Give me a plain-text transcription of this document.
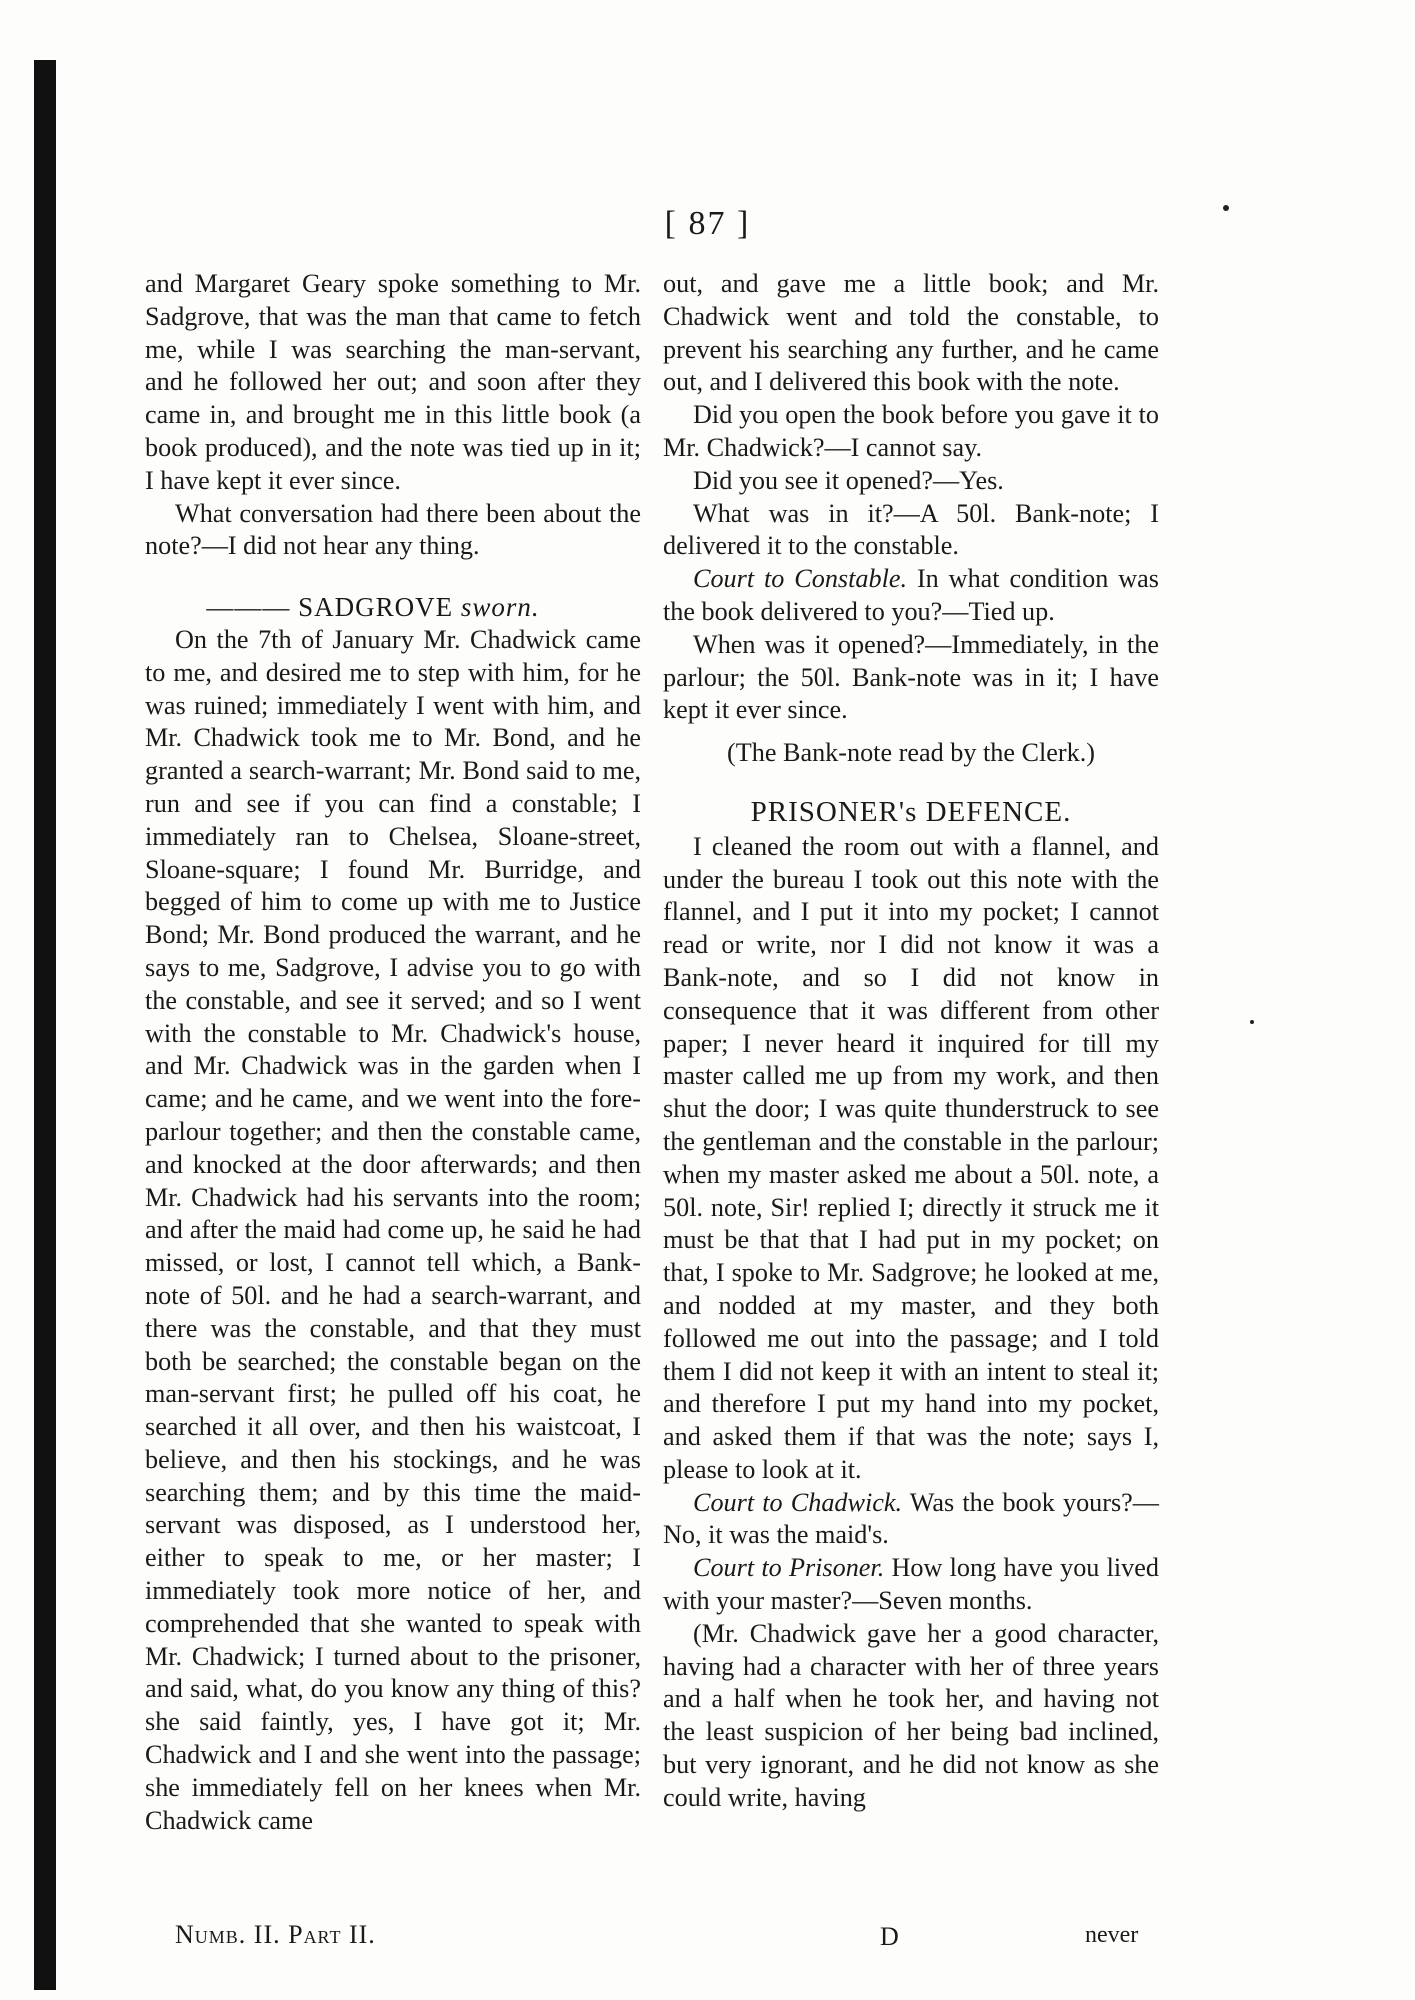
[ 87 ]

and Margaret Geary spoke something to Mr. Sadgrove, that was the man that came to fetch me, while I was searching the man-servant, and he followed her out; and soon after they came in, and brought me in this little book (a book produced), and the note was tied up in it; I have kept it ever since.

What conversation had there been about the note?—I did not hear any thing.

——— SADGROVE sworn.

On the 7th of January Mr. Chadwick came to me, and desired me to step with him, for he was ruined; immediately I went with him, and Mr. Chadwick took me to Mr. Bond, and he granted a search-warrant; Mr. Bond said to me, run and see if you can find a constable; I immediately ran to Chelsea, Sloane-street, Sloane-square; I found Mr. Burridge, and begged of him to come up with me to Justice Bond; Mr. Bond produced the warrant, and he says to me, Sadgrove, I advise you to go with the constable, and see it served; and so I went with the constable to Mr. Chadwick's house, and Mr. Chadwick was in the garden when I came; and he came, and we went into the fore-parlour together; and then the constable came, and knocked at the door afterwards; and then Mr. Chadwick had his servants into the room; and after the maid had come up, he said he had missed, or lost, I cannot tell which, a Bank-note of 50l. and he had a search-warrant, and there was the constable, and that they must both be searched; the constable began on the man-servant first; he pulled off his coat, he searched it all over, and then his waistcoat, I believe, and then his stockings, and he was searching them; and by this time the maid-servant was disposed, as I understood her, either to speak to me, or her master; I immediately took more notice of her, and comprehended that she wanted to speak with Mr. Chadwick; I turned about to the prisoner, and said, what, do you know any thing of this? she said faintly, yes, I have got it; Mr. Chadwick and I and she went into the passage; she immediately fell on her knees when Mr. Chadwick came

out, and gave me a little book; and Mr. Chadwick went and told the constable, to prevent his searching any further, and he came out, and I delivered this book with the note.

Did you open the book before you gave it to Mr. Chadwick?—I cannot say.

Did you see it opened?—Yes.

What was in it?—A 50l. Bank-note; I delivered it to the constable.

Court to Constable. In what condition was the book delivered to you?—Tied up.

When was it opened?—Immediately, in the parlour; the 50l. Bank-note was in it; I have kept it ever since.

(The Bank-note read by the Clerk.)

PRISONER's DEFENCE.

I cleaned the room out with a flannel, and under the bureau I took out this note with the flannel, and I put it into my pocket; I cannot read or write, nor I did not know it was a Bank-note, and so I did not know in consequence that it was different from other paper; I never heard it inquired for till my master called me up from my work, and then shut the door; I was quite thunderstruck to see the gentleman and the constable in the parlour; when my master asked me about a 50l. note, a 50l. note, Sir! replied I; directly it struck me it must be that that I had put in my pocket; on that, I spoke to Mr. Sadgrove; he looked at me, and nodded at my master, and they both followed me out into the passage; and I told them I did not keep it with an intent to steal it; and therefore I put my hand into my pocket, and asked them if that was the note; says I, please to look at it.

Court to Chadwick. Was the book yours?—No, it was the maid's.

Court to Prisoner. How long have you lived with your master?—Seven months.

(Mr. Chadwick gave her a good character, having had a character with her of three years and a half when he took her, and having not the least suspicion of her being bad inclined, but very ignorant, and he did not know as she could write, having

Numb. II. Part II.	D	never
